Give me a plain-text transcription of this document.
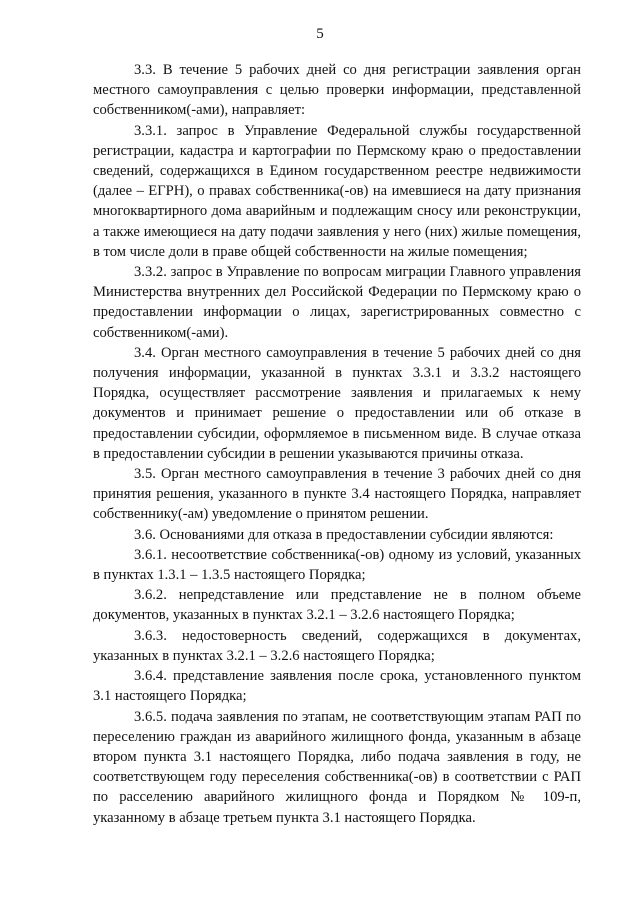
5

3.3. В течение 5 рабочих дней со дня регистрации заявления орган местного самоуправления с целью проверки информации, представленной собственником(-ами), направляет:

3.3.1. запрос в Управление Федеральной службы государственной регистрации, кадастра и картографии по Пермскому краю о предоставлении сведений, содержащихся в Едином государственном реестре недвижимости (далее – ЕГРН), о правах собственника(-ов) на имевшиеся на дату признания многоквартирного дома аварийным и подлежащим сносу или реконструкции, а также имеющиеся на дату подачи заявления у него (них) жилые помещения, в том числе доли в праве общей собственности на жилые помещения;

3.3.2. запрос в Управление по вопросам миграции Главного управления Министерства внутренних дел Российской Федерации по Пермскому краю о предоставлении информации о лицах, зарегистрированных совместно с собственником(-ами).

3.4. Орган местного самоуправления в течение 5 рабочих дней со дня получения информации, указанной в пунктах 3.3.1 и 3.3.2 настоящего Порядка, осуществляет рассмотрение заявления и прилагаемых к нему документов и принимает решение о предоставлении или об отказе в предоставлении субсидии, оформляемое в письменном виде. В случае отказа в предоставлении субсидии в решении указываются причины отказа.

3.5. Орган местного самоуправления в течение 3 рабочих дней со дня принятия решения, указанного в пункте 3.4 настоящего Порядка, направляет собственнику(-ам) уведомление о принятом решении.

3.6. Основаниями для отказа в предоставлении субсидии являются:

3.6.1. несоответствие собственника(-ов) одному из условий, указанных в пунктах 1.3.1 – 1.3.5 настоящего Порядка;

3.6.2. непредставление или представление не в полном объеме документов, указанных в пунктах 3.2.1 – 3.2.6 настоящего Порядка;

3.6.3. недостоверность сведений, содержащихся в документах, указанных в пунктах 3.2.1 – 3.2.6 настоящего Порядка;

3.6.4. представление заявления после срока, установленного пунктом 3.1 настоящего Порядка;

3.6.5. подача заявления по этапам, не соответствующим этапам РАП по переселению граждан из аварийного жилищного фонда, указанным в абзаце втором пункта 3.1 настоящего Порядка, либо подача заявления в году, не соответствующем году переселения собственника(-ов) в соответствии с РАП по расселению аварийного жилищного фонда и Порядком № 109-п, указанному в абзаце третьем пункта 3.1 настоящего Порядка.
